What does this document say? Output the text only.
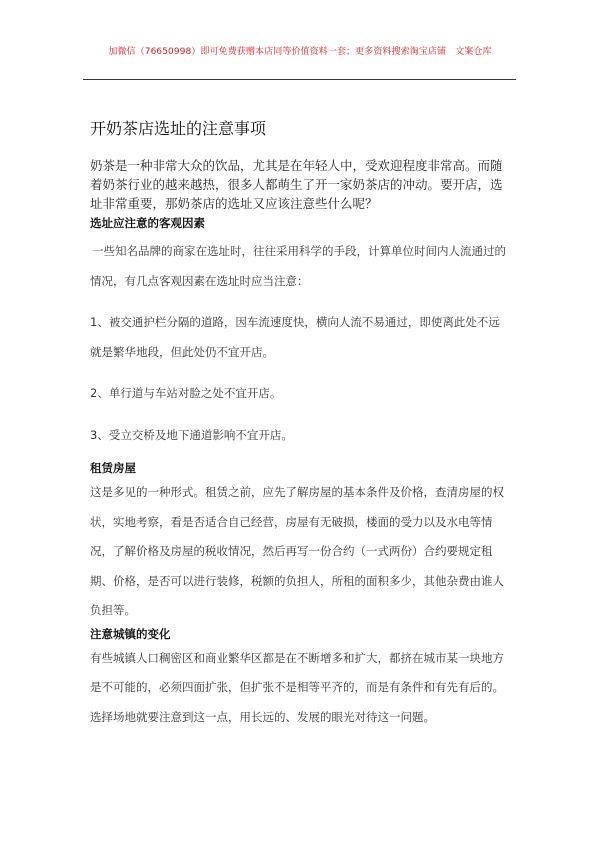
加微信（76650998）即可免费获赠本店同等价值资料一套；更多资料搜索淘宝店铺　文案仓库
开奶茶店选址的注意事项

奶茶是一种非常大众的饮品，尤其是在年轻人中，受欢迎程度非常高。而随着奶茶行业的越来越热，很多人都萌生了开一家奶茶店的冲动。要开店，选址非常重要，那奶茶店的选址又应该注意些什么呢？

选址应注意的客观因素

一些知名品牌的商家在选址时，往往采用科学的手段，计算单位时间内人流通过的情况，有几点客观因素在选址时应当注意：

1、被交通护栏分隔的道路，因车流速度快，横向人流不易通过，即使离此处不远就是繁华地段，但此处仍不宜开店。

2、单行道与车站对脸之处不宜开店。

3、受立交桥及地下通道影响不宜开店。

租赁房屋

这是多见的一种形式。租赁之前，应先了解房屋的基本条件及价格，查清房屋的权状，实地考察，看是否适合自己经营，房屋有无破损，楼面的受力以及水电等情况，了解价格及房屋的税收情况，然后再写一份合约（一式两份）合约要规定租期、价格，是否可以进行装修，税额的负担人，所租的面积多少，其他杂费由谁人负担等。

注意城镇的变化

有些城镇人口稠密区和商业繁华区都是在不断增多和扩大，都挤在城市某一块地方是不可能的，必须四面扩张，但扩张不是相等平齐的，而是有条件和有先有后的。选择场地就要注意到这一点，用长远的、发展的眼光对待这一问题。
